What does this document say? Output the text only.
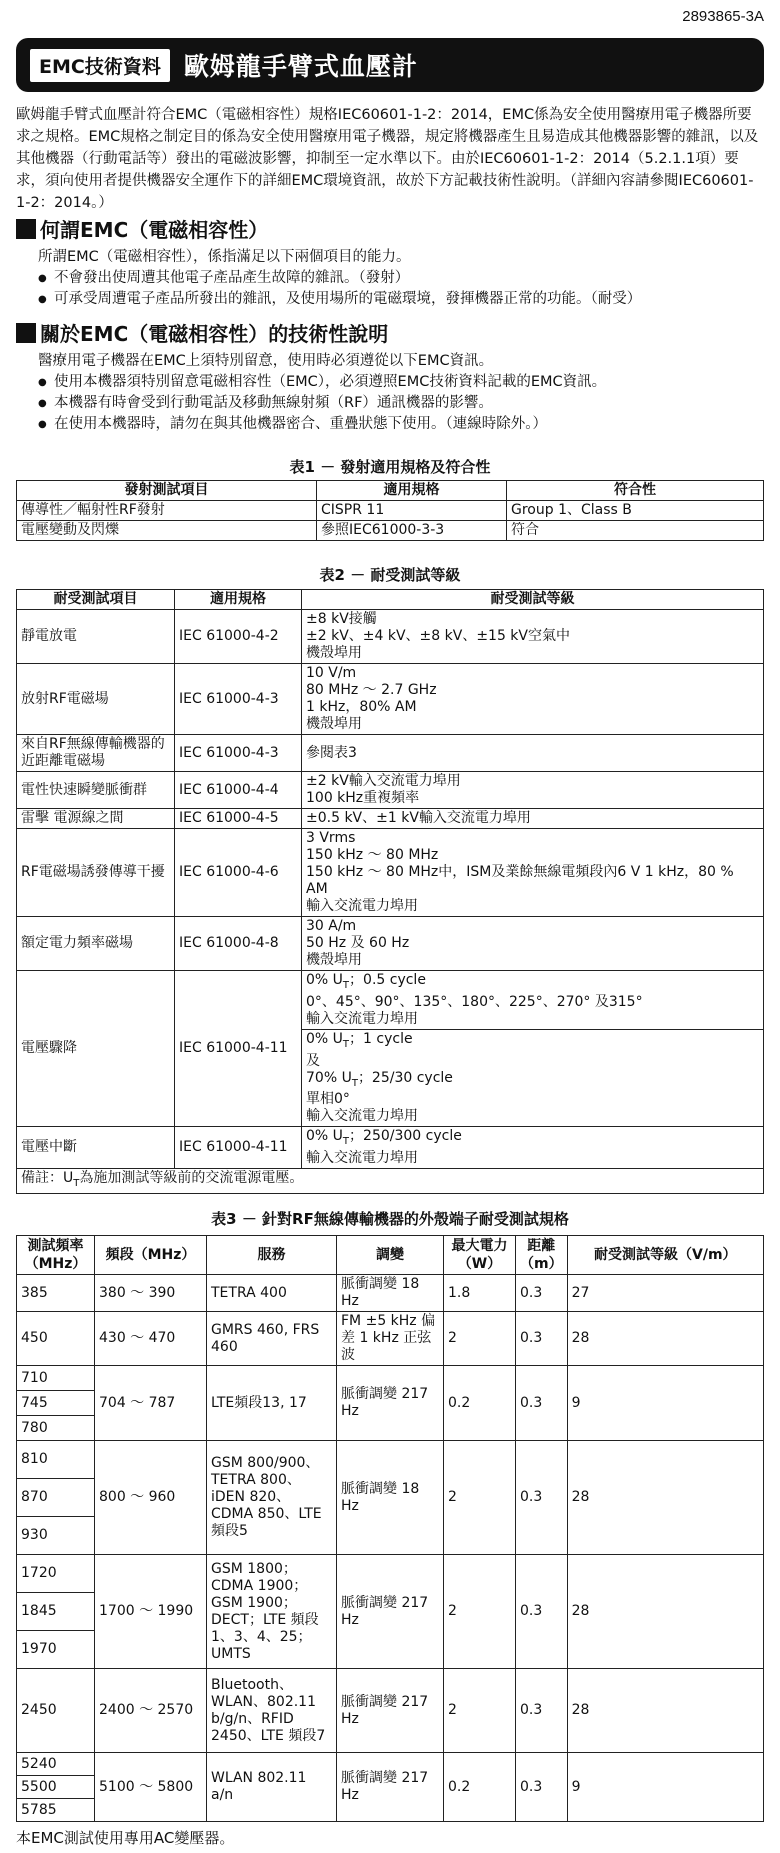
2893865-3A
EMC技術資料 歐姆龍手臂式血壓計
歐姆龍手臂式血壓計符合EMC（電磁相容性）規格IEC60601-1-2：2014，EMC係為安全使用醫療用電子機器所要求之規格。EMC規格之制定目的係為安全使用醫療用電子機器，規定將機器產生且易造成其他機器影響的雜訊，以及其他機器（行動電話等）發出的電磁波影響，抑制至一定水準以下。由於IEC60601-1-2：2014（5.2.1.1項）要求，須向使用者提供機器安全運作下的詳細EMC環境資訊，故於下方記載技術性說明。（詳細內容請參閱IEC60601-1-2：2014。）
何謂EMC（電磁相容性）

所謂EMC（電磁相容性），係指滿足以下兩個項目的能力。

● 不會發出使周遭其他電子產品產生故障的雜訊。（發射）
● 可承受周遭電子產品所發出的雜訊，及使用場所的電磁環境，發揮機器正常的功能。（耐受）
關於EMC（電磁相容性）的技術性說明

醫療用電子機器在EMC上須特別留意，使用時必須遵從以下EMC資訊。

● 使用本機器須特別留意電磁相容性（EMC），必須遵照EMC技術資料記載的EMC資訊。
● 本機器有時會受到行動電話及移動無線射頻（RF）通訊機器的影響。
● 在使用本機器時，請勿在與其他機器密合、重疊狀態下使用。（連線時除外。）
表1 － 發射適用規格及符合性
發射測試項目	適用規格	符合性
傳導性／輻射性RF發射	CISPR 11	Group 1、Class B
電壓變動及閃爍	參照IEC61000-3-3	符合
表2 － 耐受測試等級
耐受測試項目	適用規格	耐受測試等級
靜電放電	IEC 61000-4-2	±8 kV接觸
±2 kV、±4 kV、±8 kV、±15 kV空氣中
機殼埠用

放射RF電磁場	IEC 61000-4-3	10 V/m
80 MHz ～ 2.7 GHz
1 kHz，80% AM
機殼埠用

來自RF無線傳輸機器的近距離電磁場	IEC 61000-4-3	參閱表3

電性快速瞬變脈衝群	IEC 61000-4-4	±2 kV輸入交流電力埠用
100 kHz重複頻率

雷擊 電源線之間	IEC 61000-4-5	±0.5 kV、±1 kV輸入交流電力埠用

RF電磁場誘發傳導干擾	IEC 61000-4-6	3 Vrms
150 kHz ～ 80 MHz
150 kHz ～ 80 MHz中，ISM及業餘無線電頻段內6 V 1 kHz，80 % AM
輸入交流電力埠用

額定電力頻率磁場	IEC 61000-4-8	30 A/m
50 Hz 及 60 Hz
機殼埠用

電壓驟降	IEC 61000-4-11	0% $U_T$；0.5 cycle
0°、45°、90°、135°、180°、225°、270° 及315°
輸入交流電力埠用

		0% $U_T$；1 cycle
及
70% $U_T$；25/30 cycle
單相0°
輸入交流電力埠用

電壓中斷	IEC 61000-4-11	0% $U_T$；250/300 cycle
輸入交流電力埠用

備註：$U_T$為施加測試等級前的交流電源電壓。		
表3 － 針對RF無線傳輸機器的外殼端子耐受測試規格
測試頻率（MHz）	頻段（MHz）	服務	調變	最大電力（W）	距離（m）	耐受測試等級（V/m）
385	380 ～ 390	TETRA 400	脈衝調變 18 Hz	1.8	0.3	27
450	430 ～ 470	GMRS 460, FRS 460	FM ±5 kHz 偏差 1 kHz 正弦波	2	0.3	28
710	704 ～ 787	LTE頻段13, 17	脈衝調變 217 Hz	0.2	0.3	9
745						
780						
810	800 ～ 960	GSM 800/900、TETRA 800、iDEN 820、CDMA 850、LTE 頻段5	脈衝調變 18 Hz	2	0.3	28
870						
930						
1720	1700 ～ 1990	GSM 1800；CDMA 1900；GSM 1900；DECT；LTE 頻段1、3、4、25；UMTS	脈衝調變 217 Hz	2	0.3	28
1845						
1970						
2450	2400 ～ 2570	Bluetooth、WLAN、802.11 b/g/n、RFID 2450、LTE 頻段7	脈衝調變 217 Hz	2	0.3	28
5240	5100 ～ 5800	WLAN 802.11 a/n	脈衝調變 217 Hz	0.2	0.3	9
5500						
5785						
本EMC測試使用專用AC變壓器。
